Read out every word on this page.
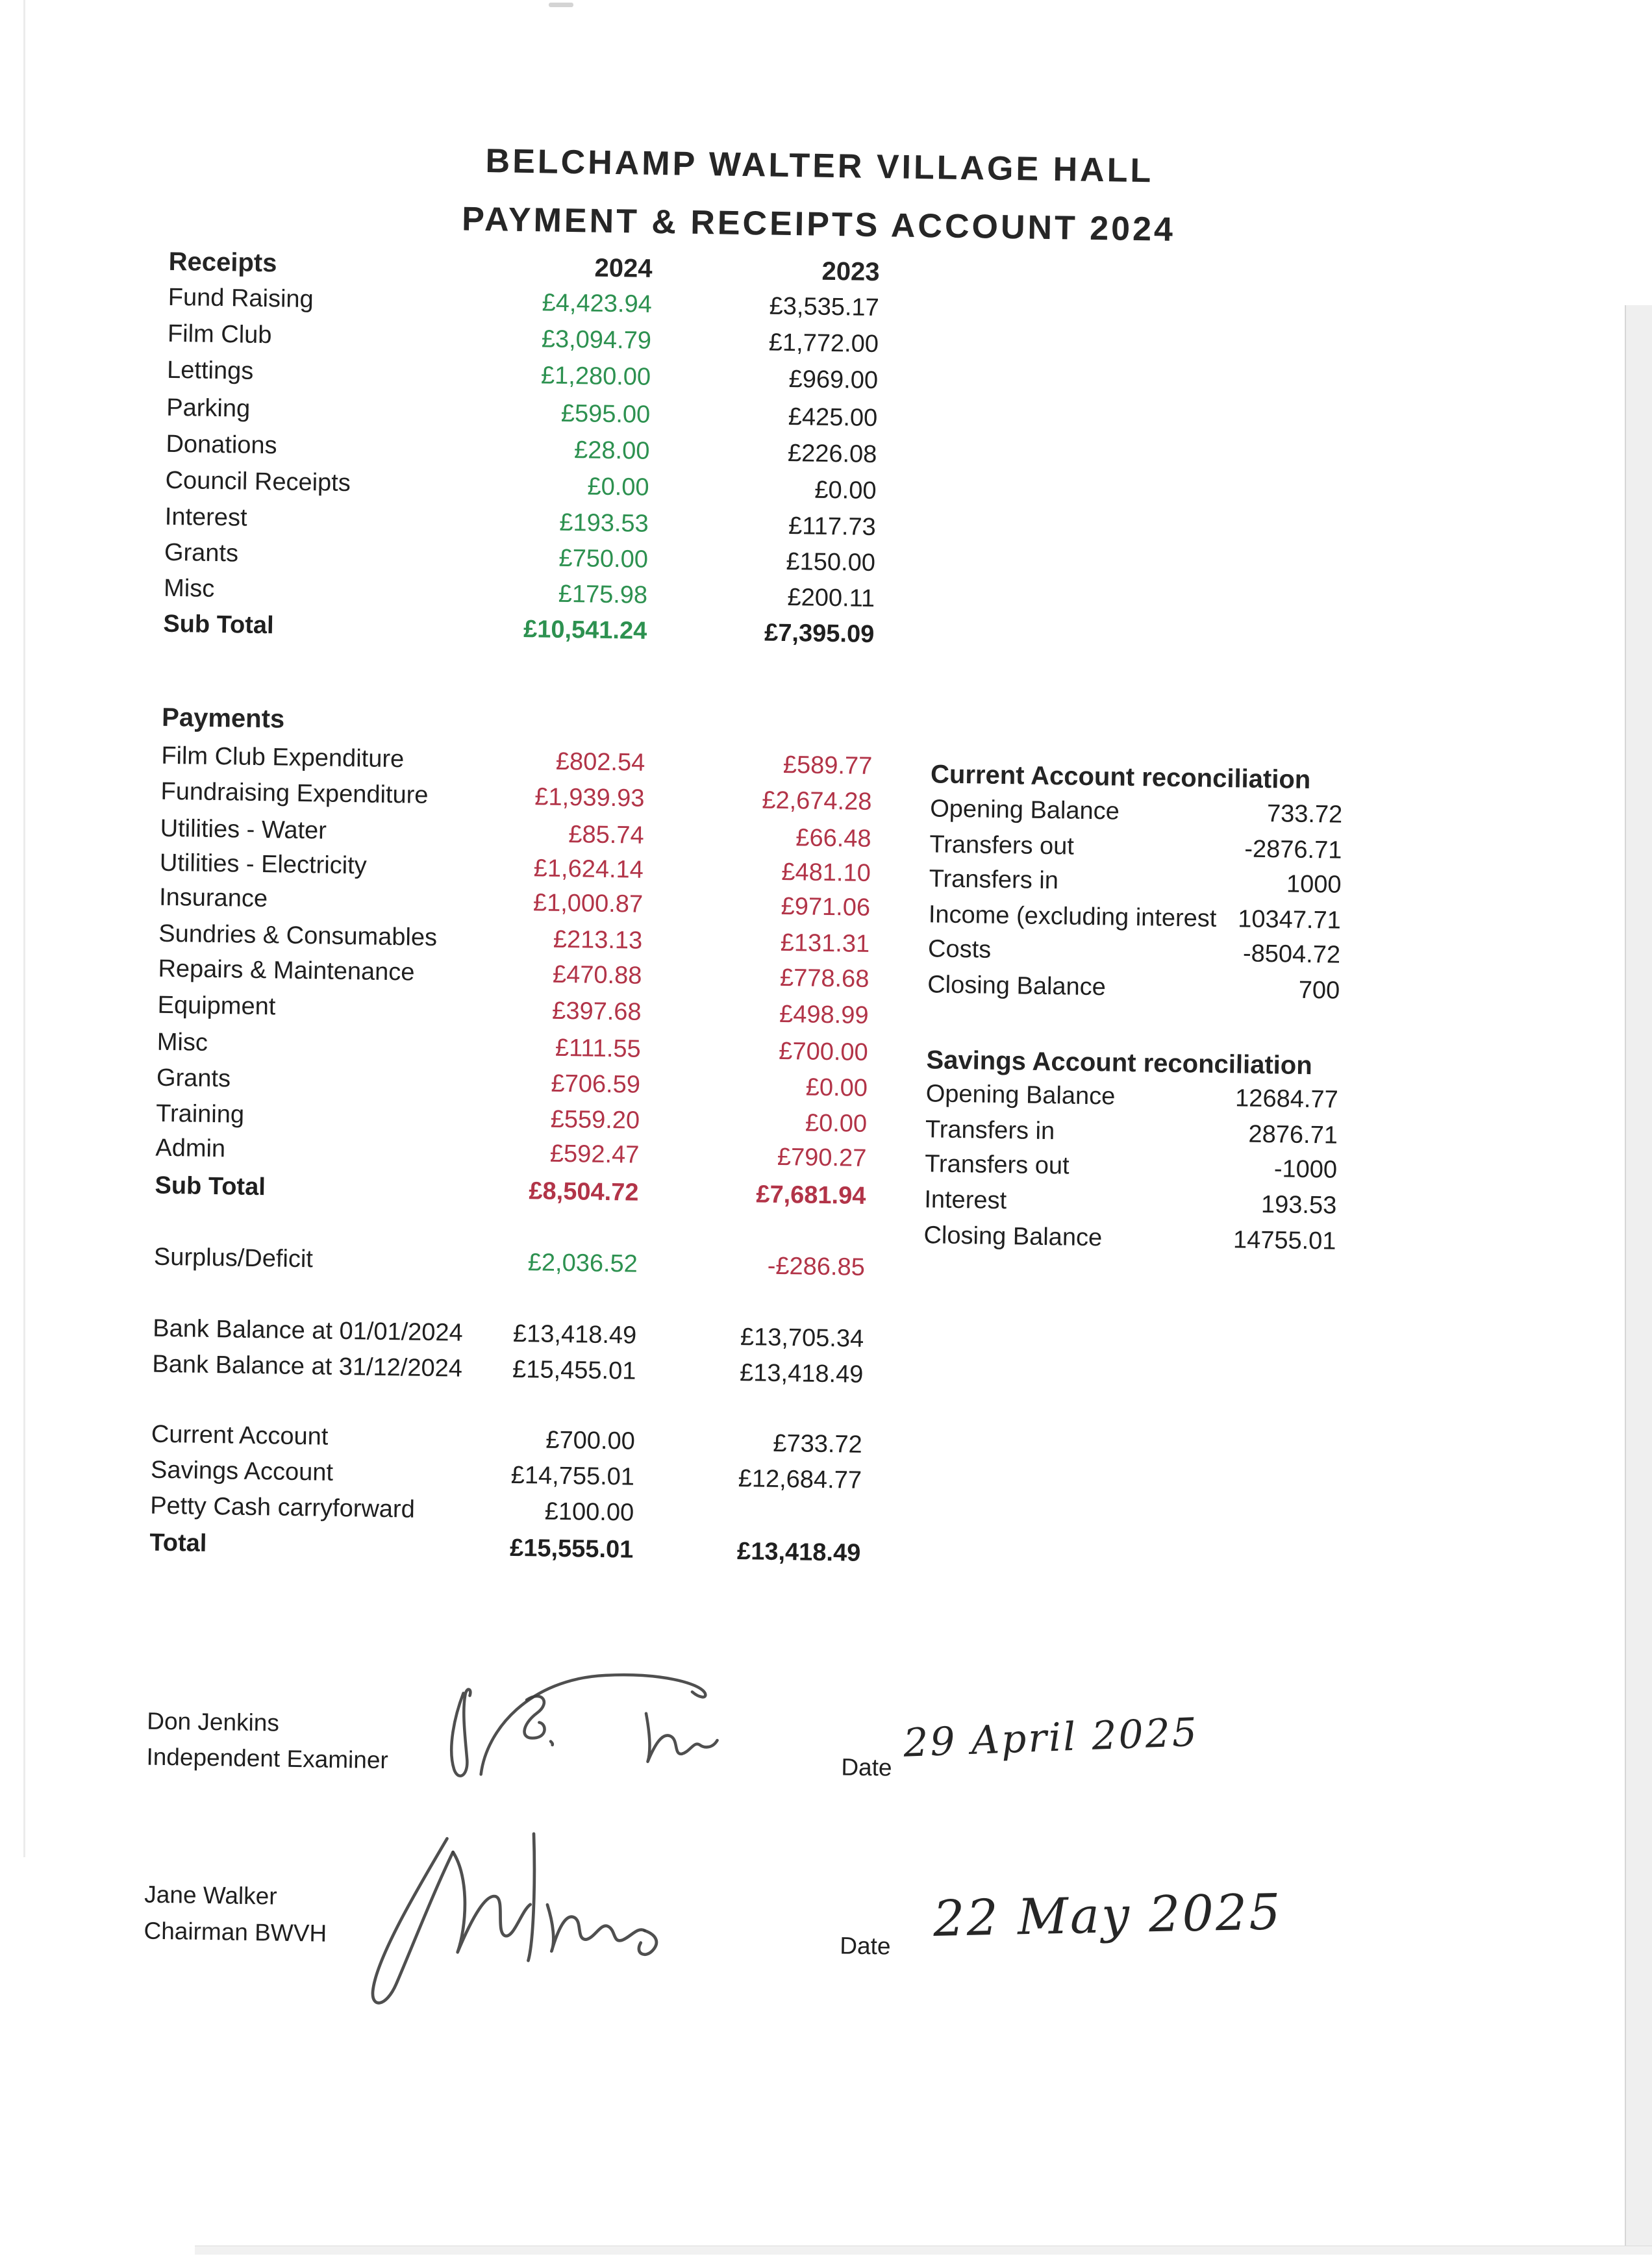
BELCHAMP WALTER VILLAGE HALL
PAYMENT & RECEIPTS ACCOUNT 2024
Receipts	2024	2023
Fund Raising	£4,423.94	£3,535.17
Film Club	£3,094.79	£1,772.00
Lettings	£1,280.00	£969.00
Parking	£595.00	£425.00
Donations	£28.00	£226.08
Council Receipts	£0.00	£0.00
Interest	£193.53	£117.73
Grants	£750.00	£150.00
Misc	£175.98	£200.11
Sub Total	£10,541.24	£7,395.09
Payments
Film Club Expenditure	£802.54	£589.77
Fundraising Expenditure	£1,939.93	£2,674.28
Utilities - Water	£85.74	£66.48
Utilities - Electricity	£1,624.14	£481.10
Insurance	£1,000.87	£971.06
Sundries & Consumables	£213.13	£131.31
Repairs & Maintenance	£470.88	£778.68
Equipment	£397.68	£498.99
Misc	£111.55	£700.00
Grants	£706.59	£0.00
Training	£559.20	£0.00
Admin	£592.47	£790.27
Sub Total	£8,504.72	£7,681.94
Surplus/Deficit	£2,036.52	-£286.85
Bank Balance at 01/01/2024	£13,418.49	£13,705.34
Bank Balance at 31/12/2024	£15,455.01	£13,418.49
Current Account	£700.00	£733.72
Savings Account	£14,755.01	£12,684.77
Petty Cash carryforward	£100.00
Total	£15,555.01	£13,418.49
Current Account reconciliation
Opening Balance	733.72
Transfers out	-2876.71
Transfers in	1000
Income (excluding interest 10347.71
Costs	-8504.72
Closing Balance	700
Savings Account reconciliation
Opening Balance	12684.77
Transfers in	2876.71
Transfers out	-1000
Interest	193.53
Closing Balance	14755.01
Don Jenkins
Independent Examiner	Date
29 April 2025
Jane Walker
Chairman BWVH	Date 22 May 2025
